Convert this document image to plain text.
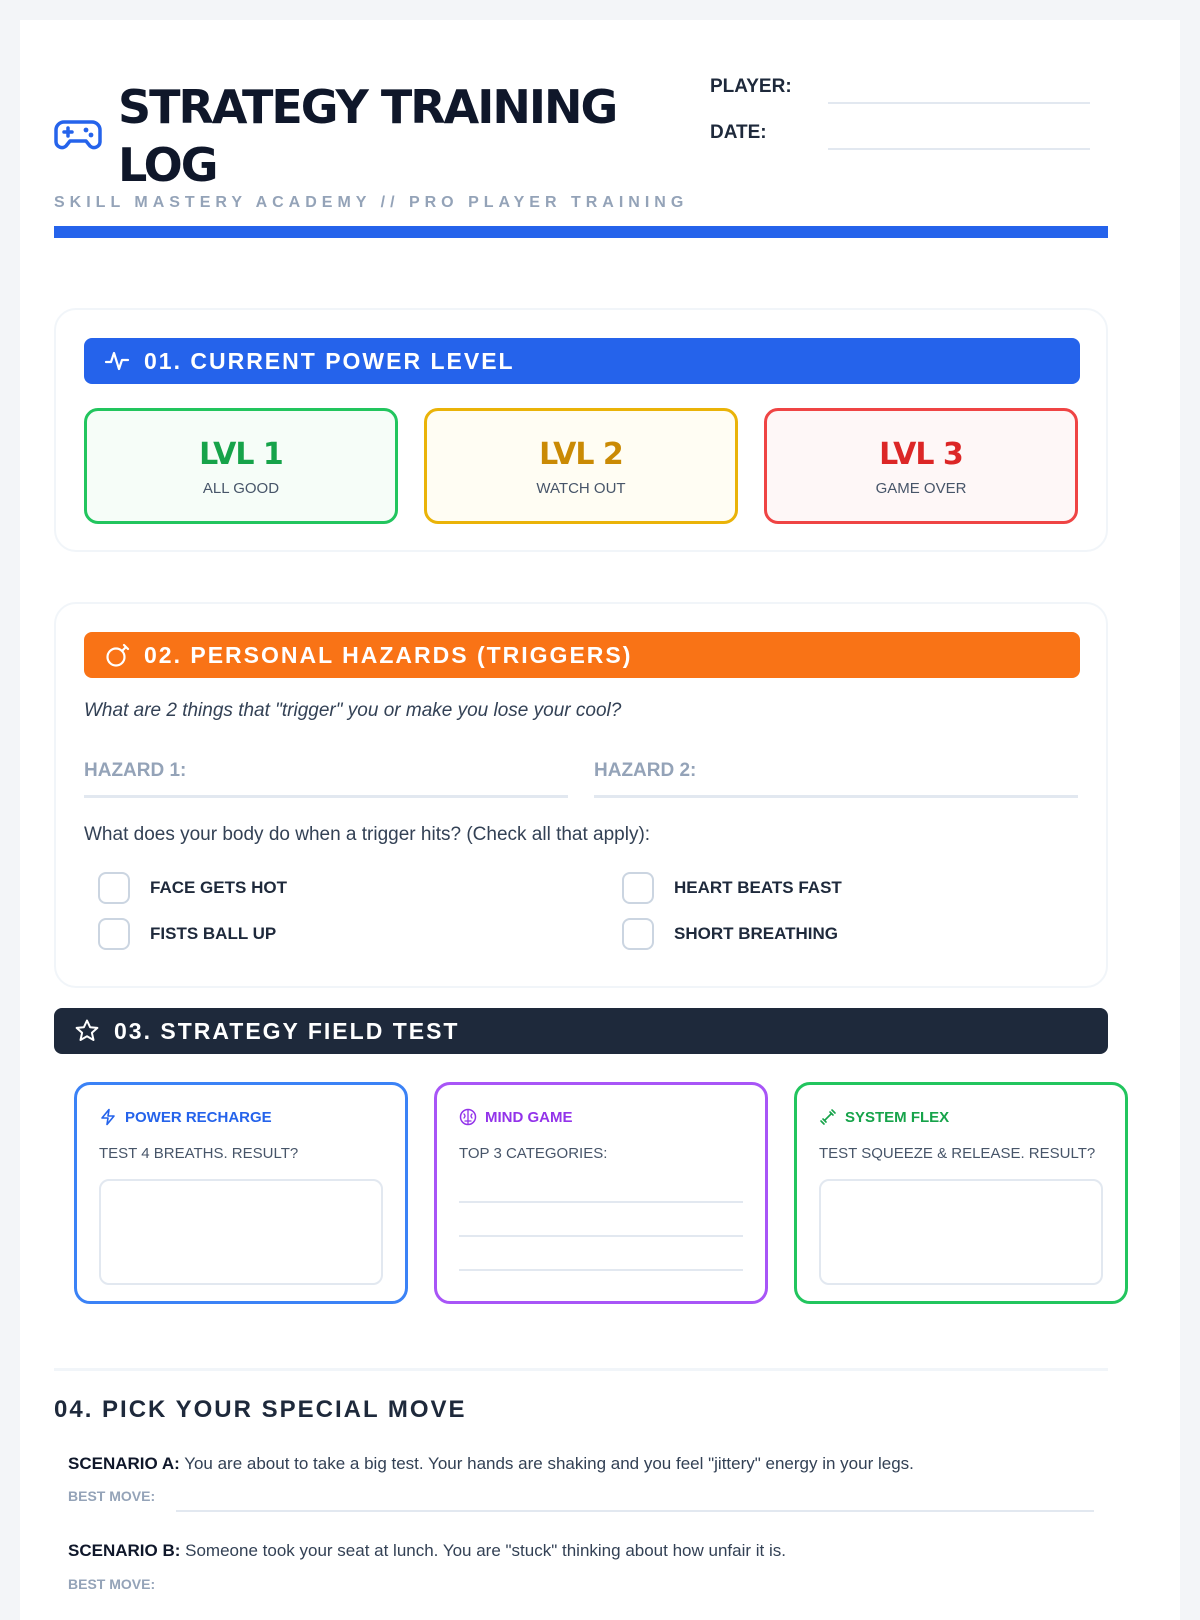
STRATEGY TRAINING LOG
PLAYER:
DATE:
SKILL MASTERY ACADEMY // PRO PLAYER TRAINING
01. CURRENT POWER LEVEL
LVL 1
ALL GOOD
LVL 2
WATCH OUT
LVL 3
GAME OVER
02. PERSONAL HAZARDS (TRIGGERS)
What are 2 things that "trigger" you or make you lose your cool?
HAZARD 1:	HAZARD 2:
What does your body do when a trigger hits? (Check all that apply):
FACE GETS HOT	HEART BEATS FAST
FISTS BALL UP	SHORT BREATHING
03. STRATEGY FIELD TEST
POWER RECHARGE
TEST 4 BREATHS. RESULT?
MIND GAME
TOP 3 CATEGORIES:
SYSTEM FLEX
TEST SQUEEZE & RELEASE. RESULT?
04. PICK YOUR SPECIAL MOVE
SCENARIO A: You are about to take a big test. Your hands are shaking and you feel "jittery" energy in your legs.
BEST MOVE:
SCENARIO B: Someone took your seat at lunch. You are "stuck" thinking about how unfair it is.
BEST MOVE:
